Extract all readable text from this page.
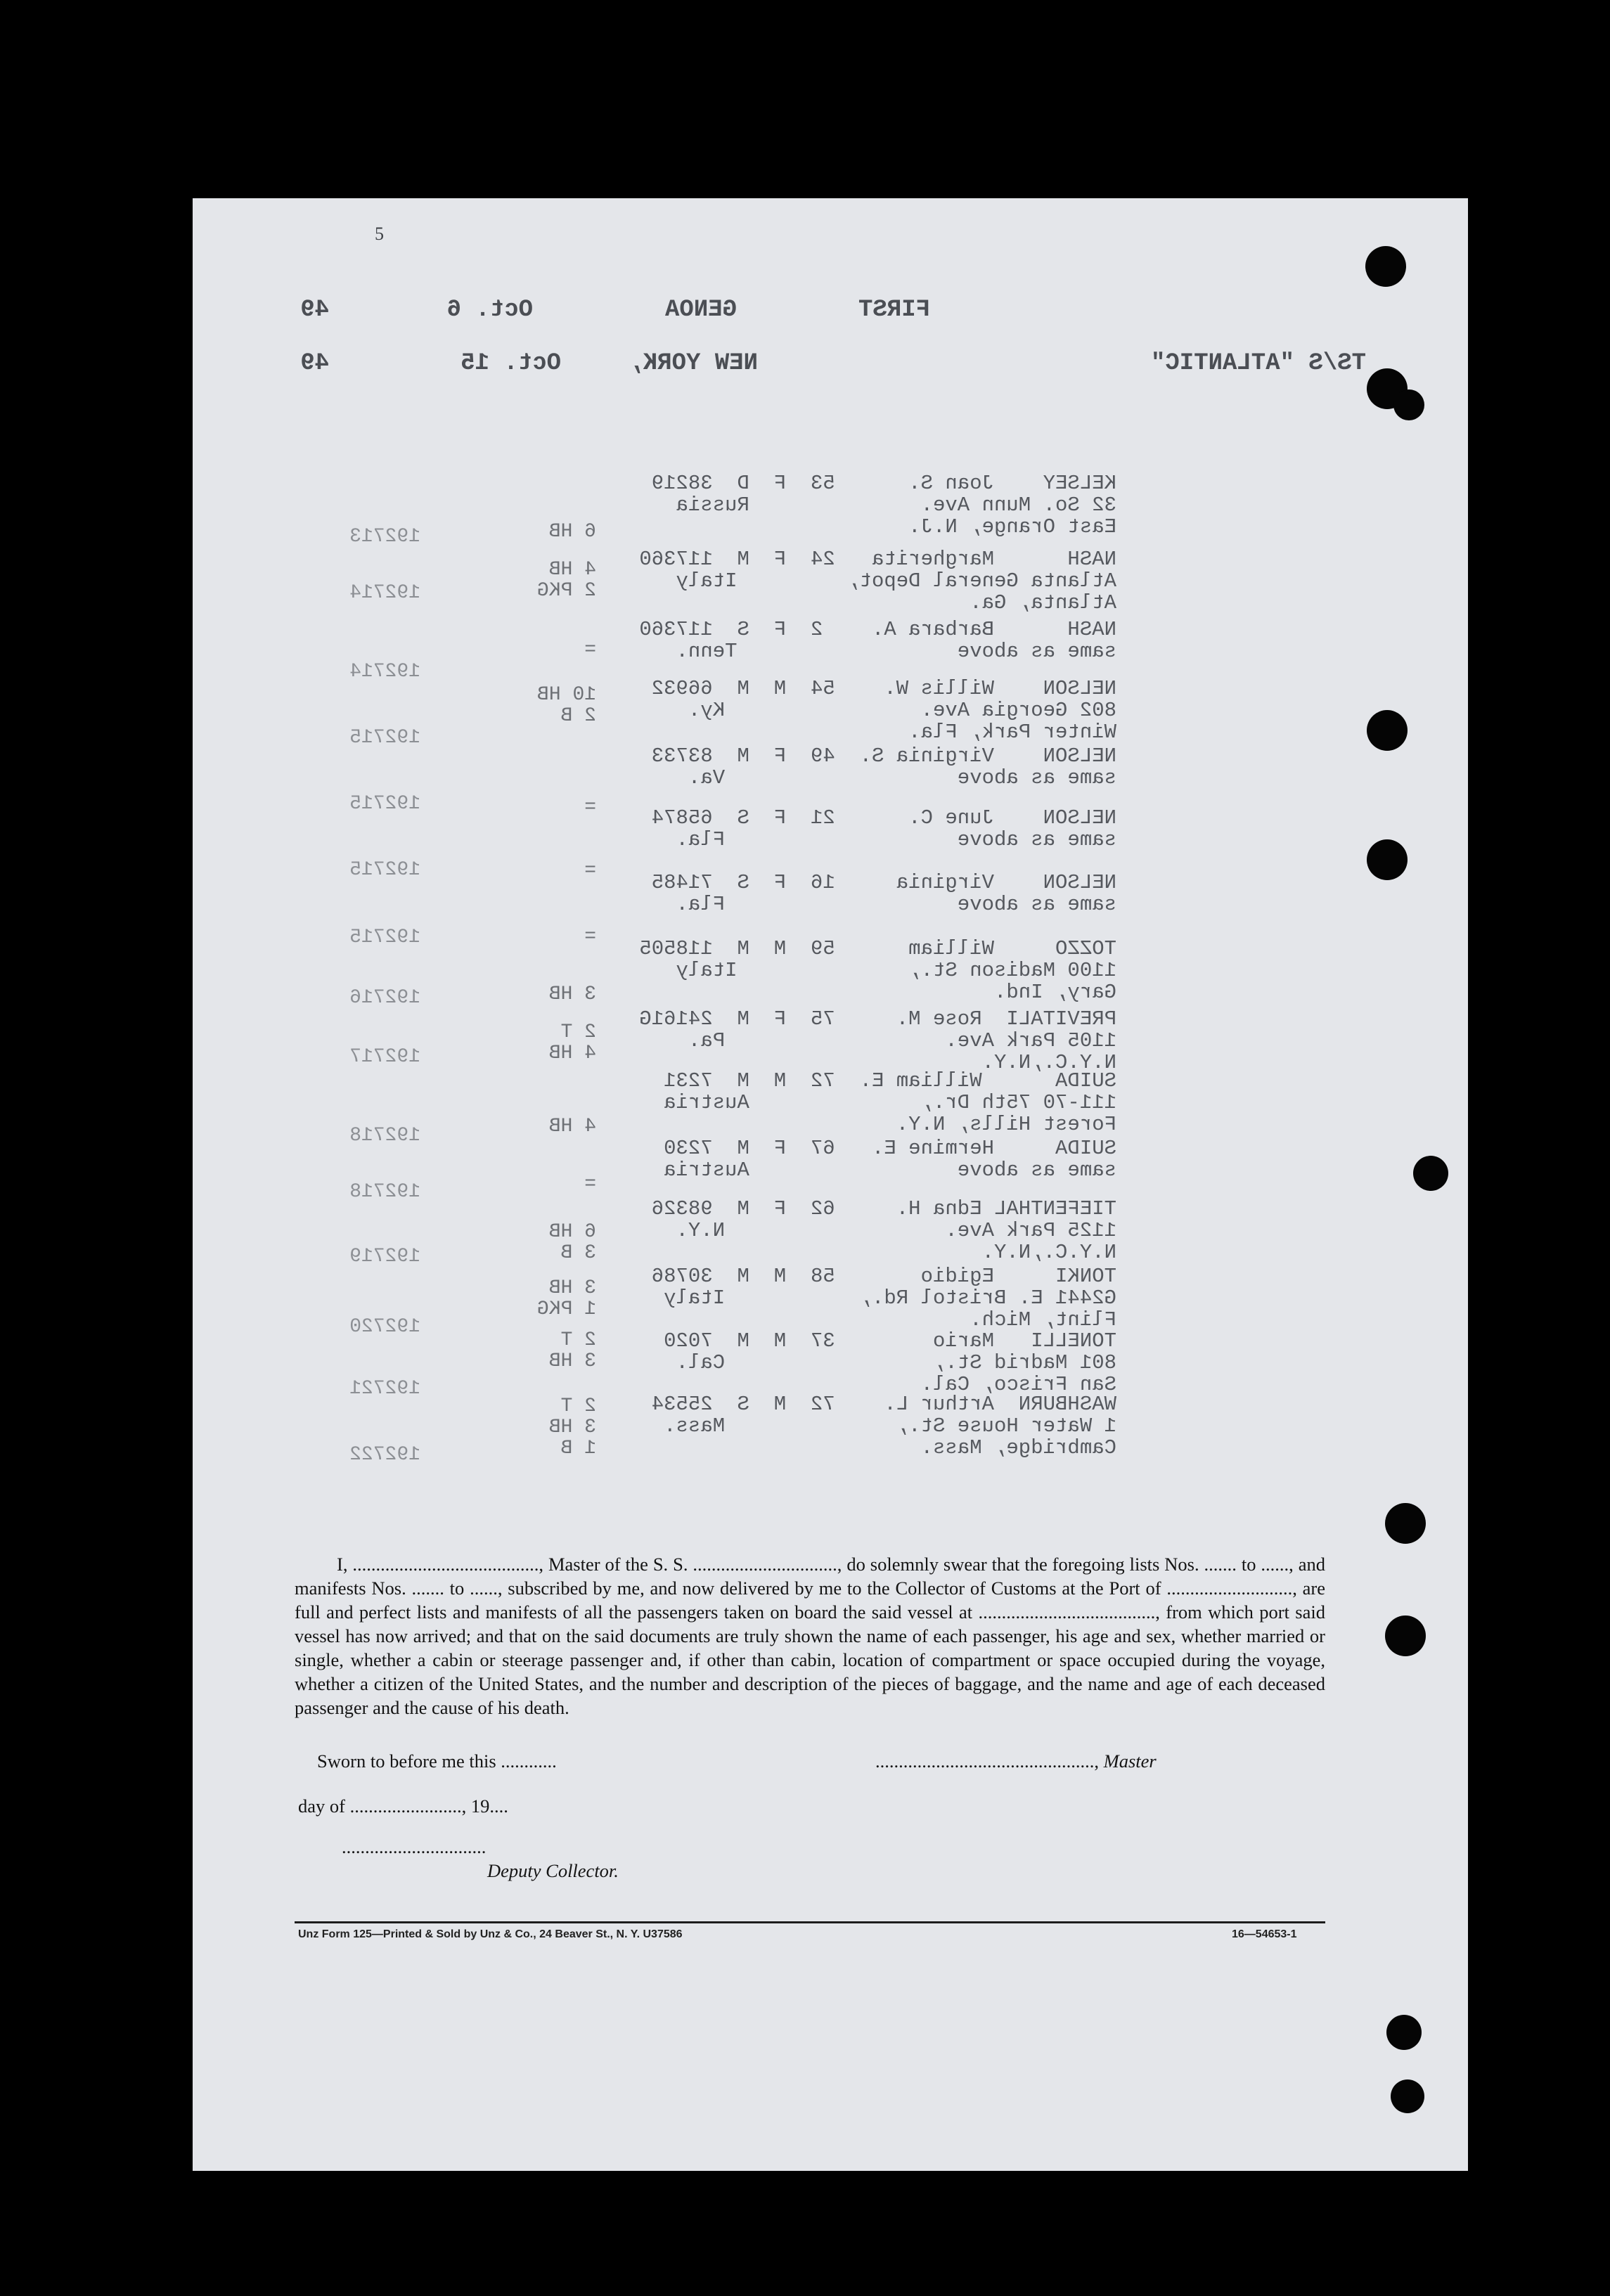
5
FIRST
GENOA
Oct. 6
49
TS/S "ATLANTIC"
NEW YORK,
Oct. 15
49
KELSEY    Joan S.      53  F  D  38219
32 So. Munn Ave.              Russia
East Orange, N.J.
NASH      Margherita   24  F  M  117360
Atlanta General Depot,         Italy
Atlanta, Ga.
NASH      Barbara A.    2  F  S  117360
same as above                  Tenn.
NELSON    Willis W.    54  M  M  66932
802 Georgia Ave.                Ky.
Winter Park, Fla.
NELSON    Virginia S.  49  F  M  83733
same as above                   Va.
NELSON    June C.      21  F  S  65874
same as above                   Fla.
NELSON    Virginia     16  F  S  71485
same as above                   Fla.
TOZZO     William      59  M  M  118505
1100 Madison St.,              Italy
Gary, Ind.
PREVITALI  Rose M.     75  F  M  24161G
1105 Park Ave.                  Pa.
N.Y.C.,N.Y.
SUIDA      William E.  72  M  M  7231
111-70 75th Dr.,              Austria
Forest Hills, N.Y.
SUIDA     Hermine E.   67  F  M  7230
same as above                 Austria
TIEFENTHAL Edna H.     62  F  M  98326
1125 Park Ave.                  N.Y.
N.Y.C.,N.Y.
TONKI     Egidio       58  M  M  30786
G2441 E. Bristol Rd.,           Italy
Flint, Mich.
TONELLI   Mario        37  M  M  7020
801 Madrid St.,                 Cal.
San Frisco, Cal.
WASHBURN  Arthur L.    72  M  S  25534
1 Water House St.,              Mass.
Cambridge, Mass.
192713
192714
192714
192715
192715
192715
192715
192716
192717
192718
192718
192719
192720
192721
192722
6 HB
4 HB
2 PKG
=
10 HB
2 B
=
=
=
3 HB
2 T
4 HB
4 HB
=
6 HB
3 B
3 HB
1 PKG
2 T
3 HB
2 T
3 HB
1 B

I, ........................................, Master of the S. S. ..............................., do solemnly swear that the foregoing lists Nos. ....... to ......, and manifests Nos. ....... to ......, subscribed by me, and now delivered by me to the Collector of Customs at the Port of ..........................., are full and perfect lists and manifests of all the passengers taken on board the said vessel at ......................................, from which port said vessel has now arrived; and that on the said documents are truly shown the name of each passenger, his age and sex, whether married or single, whether a cabin or steerage passenger and, if other than cabin, location of compartment or space occupied during the voyage, whether a citizen of the United States, and the number and description of the pieces of baggage, and the name and age of each deceased passenger and the cause of his death.

Sworn to before me this ............	..............................................., Master
day of ........................, 19....
...............................
Deputy Collector.
Unz Form 125—Printed & Sold by Unz & Co., 24 Beaver St., N. Y. U37586	16—54653-1
